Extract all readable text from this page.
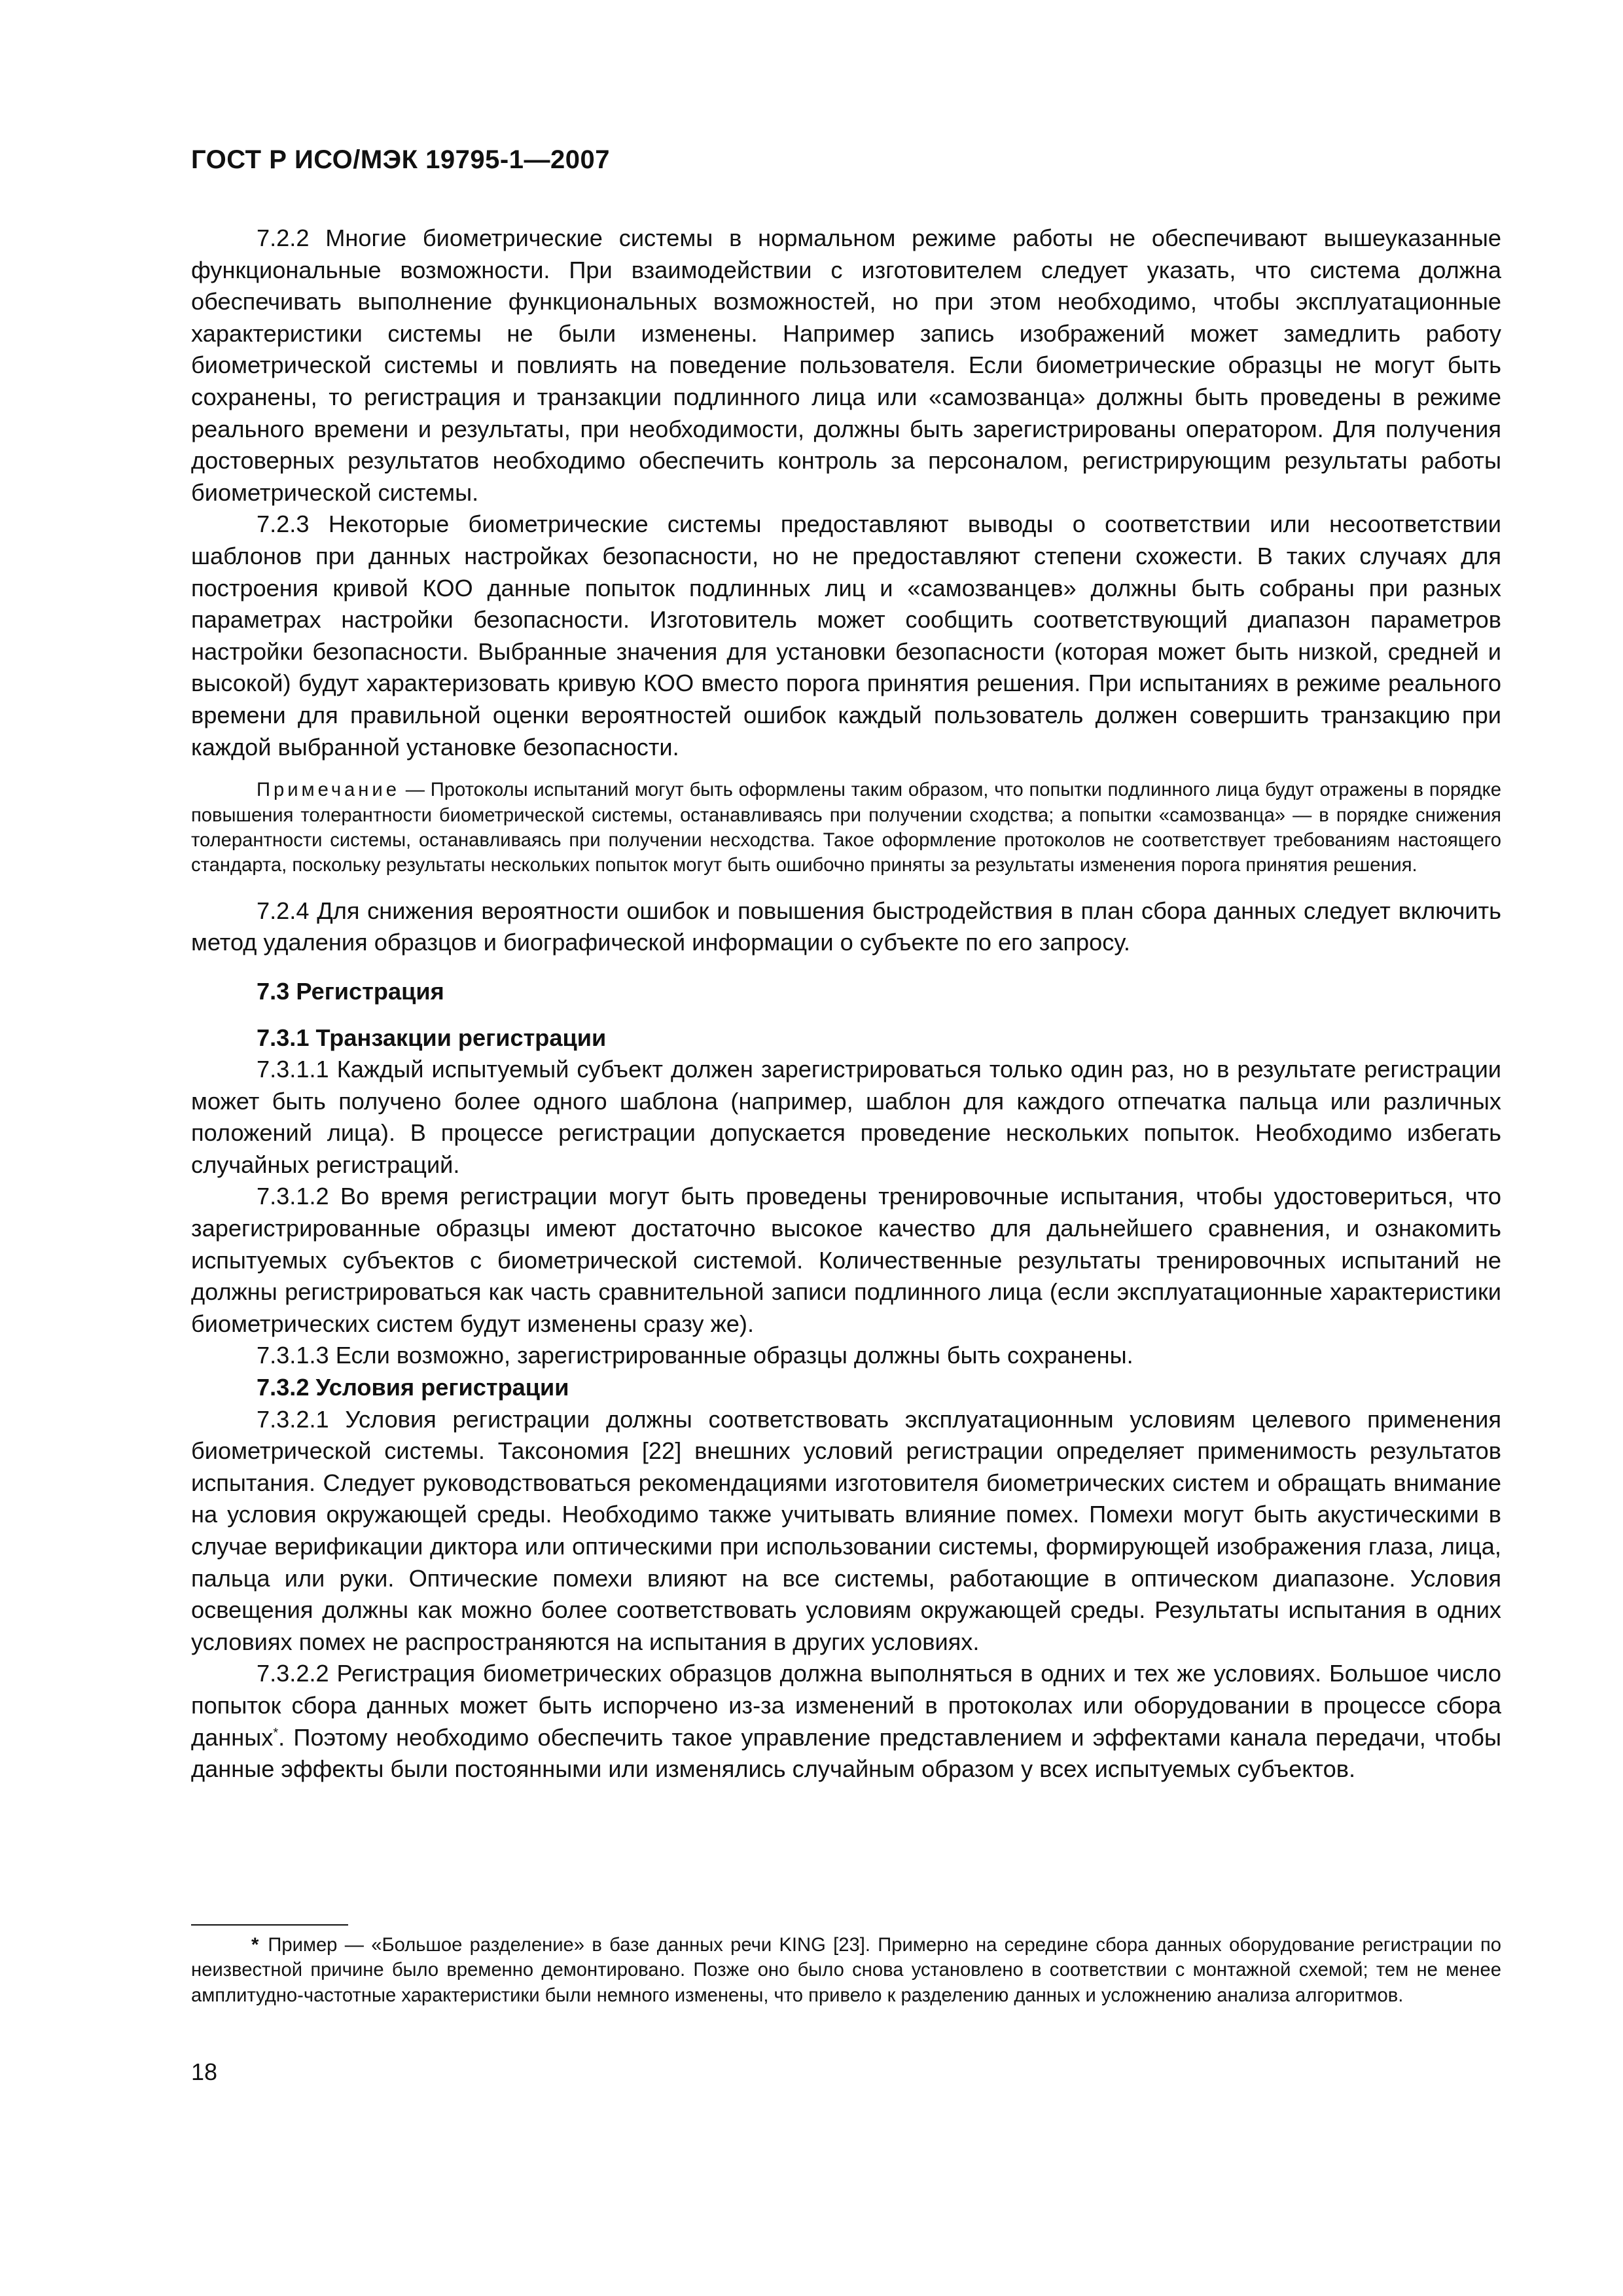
ГОСТ Р ИСО/МЭК 19795-1—2007

7.2.2 Многие биометрические системы в нормальном режиме работы не обеспечивают вышеуказанные функциональные возможности. При взаимодействии с изготовителем следует указать, что система должна обеспечивать выполнение функциональных возможностей, но при этом необходимо, чтобы эксплуатационные характеристики системы не были изменены. Например запись изображений может замедлить работу биометрической системы и повлиять на поведение пользователя. Если биометрические образцы не могут быть сохранены, то регистрация и транзакции подлинного лица или «самозванца» должны быть проведены в режиме реального времени и результаты, при необходимости, должны быть зарегистрированы оператором. Для получения достоверных результатов необходимо обеспечить контроль за персоналом, регистрирующим результаты работы биометрической системы.

7.2.3 Некоторые биометрические системы предоставляют выводы о соответствии или несоответствии шаблонов при данных настройках безопасности, но не предоставляют степени схожести. В таких случаях для построения кривой КОО данные попыток подлинных лиц и «самозванцев» должны быть собраны при разных параметрах настройки безопасности. Изготовитель может сообщить соответствующий диапазон параметров настройки безопасности. Выбранные значения для установки безопасности (которая может быть низкой, средней и высокой) будут характеризовать кривую КОО вместо порога принятия решения. При испытаниях в режиме реального времени для правильной оценки вероятностей ошибок каждый пользователь должен совершить транзакцию при каждой выбранной установке безопасности.

Примечание — Протоколы испытаний могут быть оформлены таким образом, что попытки подлинного лица будут отражены в порядке повышения толерантности биометрической системы, останавливаясь при получении сходства; а попытки «самозванца» — в порядке снижения толерантности системы, останавливаясь при получении несходства. Такое оформление протоколов не соответствует требованиям настоящего стандарта, поскольку результаты нескольких попыток могут быть ошибочно приняты за результаты изменения порога принятия решения.

7.2.4 Для снижения вероятности ошибок и повышения быстродействия в план сбора данных следует включить метод удаления образцов и биографической информации о субъекте по его запросу.

7.3 Регистрация
7.3.1 Транзакции регистрации

7.3.1.1 Каждый испытуемый субъект должен зарегистрироваться только один раз, но в результате регистрации может быть получено более одного шаблона (например, шаблон для каждого отпечатка пальца или различных положений лица). В процессе регистрации допускается проведение нескольких попыток. Необходимо избегать случайных регистраций.

7.3.1.2 Во время регистрации могут быть проведены тренировочные испытания, чтобы удостовериться, что зарегистрированные образцы имеют достаточно высокое качество для дальнейшего сравнения, и ознакомить испытуемых субъектов с биометрической системой. Количественные результаты тренировочных испытаний не должны регистрироваться как часть сравнительной записи подлинного лица (если эксплуатационные характеристики биометрических систем будут изменены сразу же).

7.3.1.3 Если возможно, зарегистрированные образцы должны быть сохранены.

7.3.2 Условия регистрации

7.3.2.1 Условия регистрации должны соответствовать эксплуатационным условиям целевого применения биометрической системы. Таксономия [22] внешних условий регистрации определяет применимость результатов испытания. Следует руководствоваться рекомендациями изготовителя биометрических систем и обращать внимание на условия окружающей среды. Необходимо также учитывать влияние помех. Помехи могут быть акустическими в случае верификации диктора или оптическими при использовании системы, формирующей изображения глаза, лица, пальца или руки. Оптические помехи влияют на все системы, работающие в оптическом диапазоне. Условия освещения должны как можно более соответствовать условиям окружающей среды. Результаты испытания в одних условиях помех не распространяются на испытания в других условиях.

7.3.2.2 Регистрация биометрических образцов должна выполняться в одних и тех же условиях. Большое число попыток сбора данных может быть испорчено из-за изменений в протоколах или оборудовании в процессе сбора данных*. Поэтому необходимо обеспечить такое управление представлением и эффектами канала передачи, чтобы данные эффекты были постоянными или изменялись случайным образом у всех испытуемых субъектов.

* Пример — «Большое разделение» в базе данных речи KING [23]. Примерно на середине сбора данных оборудование регистрации по неизвестной причине было временно демонтировано. Позже оно было снова установлено в соответствии с монтажной схемой; тем не менее амплитудно-частотные характеристики были немного изменены, что привело к разделению данных и усложнению анализа алгоритмов.

18
